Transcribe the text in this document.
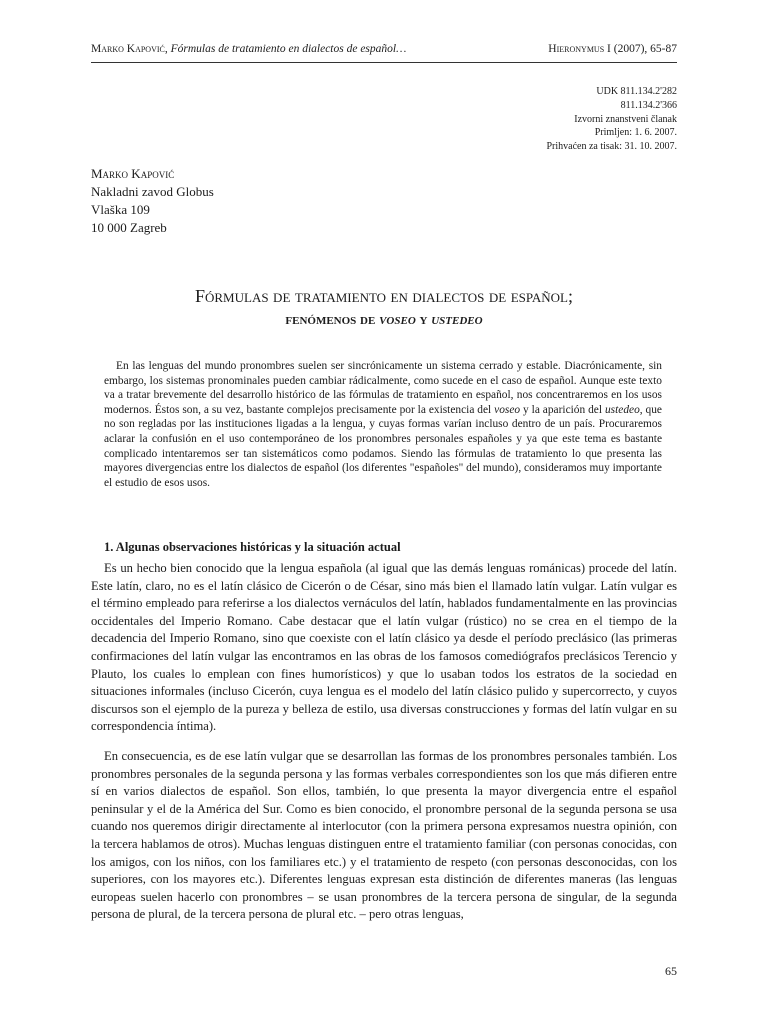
Marko Kapović, Fórmulas de tratamiento en dialectos de español…	Hieronymus I (2007), 65-87
UDK 811.134.2'282
811.134.2'366
Izvorni znanstveni članak
Primljen: 1. 6. 2007.
Prihvaćen za tisak: 31. 10. 2007.
Marko Kapović
Nakladni zavod Globus
Vlaška 109
10 000 Zagreb
Fórmulas de tratamiento en dialectos de español;
fenómenos de voseo y ustedeo

En las lenguas del mundo pronombres suelen ser sincrónicamente un sistema cerrado y estable. Diacrónicamente, sin embargo, los sistemas pronominales pueden cambiar rádicalmente, como sucede en el caso de español. Aunque este texto va a tratar brevemente del desarrollo histórico de las fórmulas de tratamiento en español, nos concentraremos en los usos modernos. Éstos son, a su vez, bastante complejos precisamente por la existencia del voseo y la aparición del ustedeo, que no son regladas por las instituciones ligadas a la lengua, y cuyas formas varían incluso dentro de un país. Procuraremos aclarar la confusión en el uso contemporáneo de los pronombres personales españoles y ya que este tema es bastante complicado intentaremos ser tan sistemáticos como podamos. Siendo las fórmulas de tratamiento lo que presenta las mayores divergencias entre los dialectos de español (los diferentes "españoles" del mundo), consideramos muy importante el estudio de esos usos.

1. Algunas observaciones históricas y la situación actual

Es un hecho bien conocido que la lengua española (al igual que las demás lenguas románicas) procede del latín. Este latín, claro, no es el latín clásico de Cicerón o de César, sino más bien el llamado latín vulgar. Latín vulgar es el término empleado para referirse a los dialectos vernáculos del latín, hablados fundamentalmente en las provincias occidentales del Imperio Romano. Cabe destacar que el latín vulgar (rústico) no se crea en el tiempo de la decadencia del Imperio Romano, sino que coexiste con el latín clásico ya desde el período preclásico (las primeras confirmaciones del latín vulgar las encontramos en las obras de los famosos comediógrafos preclásicos Terencio y Plauto, los cuales lo emplean con fines humorísticos) y que lo usaban todos los estratos de la sociedad en situaciones informales (incluso Cicerón, cuya lengua es el modelo del latín clásico pulido y supercorrecto, y cuyos discursos son el ejemplo de la pureza y belleza de estilo, usa diversas construcciones y formas del latín vulgar en su correspondencia íntima).

En consecuencia, es de ese latín vulgar que se desarrollan las formas de los pronombres personales también. Los pronombres personales de la segunda persona y las formas verbales correspondientes son los que más difieren entre sí en varios dialectos de español. Son ellos, también, lo que presenta la mayor divergencia entre el español peninsular y el de la América del Sur. Como es bien conocido, el pronombre personal de la segunda persona se usa cuando nos queremos dirigir directamente al interlocutor (con la primera persona expresamos nuestra opinión, con la tercera hablamos de otros). Muchas lenguas distinguen entre el tratamiento familiar (con personas conocidas, con los amigos, con los niños, con los familiares etc.) y el tratamiento de respeto (con personas desconocidas, con los superiores, con los mayores etc.). Diferentes lenguas expresan esta distinción de diferentes maneras (las lenguas europeas suelen hacerlo con pronombres – se usan pronombres de la tercera persona de singular, de la segunda persona de plural, de la tercera persona de plural etc. – pero otras lenguas,

65
